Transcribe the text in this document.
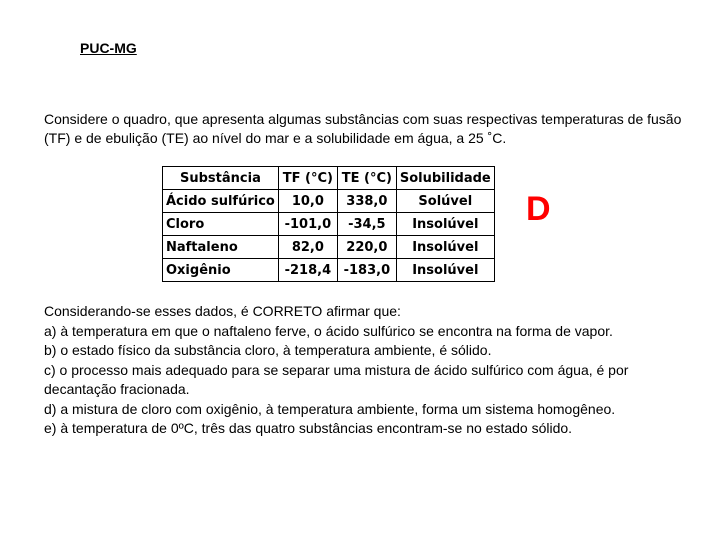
PUC-MG
Considere o quadro, que apresenta algumas substâncias com suas respectivas temperaturas de fusão (TF) e de ebulição (TE) ao nível do mar e a solubilidade em água, a 25 ˚C.
Substância	TF (°C)	TE (°C)	Solubilidade
Ácido sulfúrico	10,0	338,0	Solúvel
Cloro	-101,0	-34,5	Insolúvel
Naftaleno	82,0	220,0	Insolúvel
Oxigênio	-218,4	-183,0	Insolúvel
D

Considerando-se esses dados, é CORRETO afirmar que:

a) à temperatura em que o naftaleno ferve, o ácido sulfúrico se encontra na forma de vapor.

b) o estado físico da substância cloro, à temperatura ambiente, é sólido.

c) o processo mais adequado para se separar uma mistura de ácido sulfúrico com água, é por decantação fracionada.

d) a mistura de cloro com oxigênio, à temperatura ambiente, forma um sistema homogêneo.

e) à temperatura de 0ºC, três das quatro substâncias encontram-se no estado sólido.
